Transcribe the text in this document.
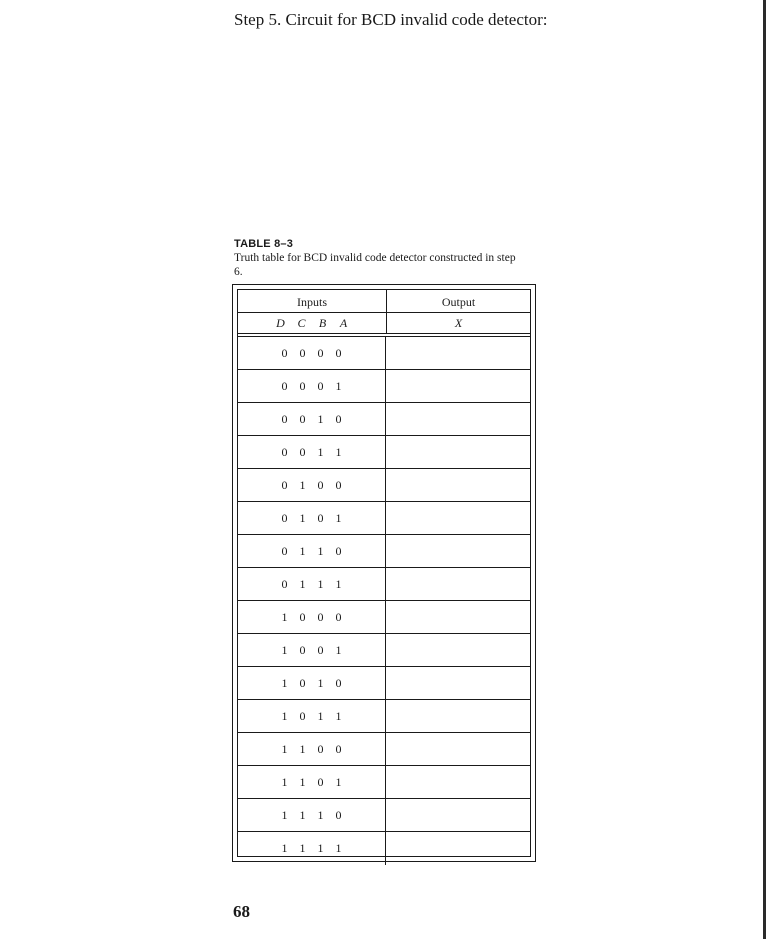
Step 5. Circuit for BCD invalid code detector:
TABLE 8–3
Truth table for BCD invalid code detector constructed in step 6.
Inputs	Output
D C B A	X
0	0	0	0
0	0	0	1
0	0	1	0
0	0	1	1
0	1	0	0
0	1	0	1
0	1	1	0
0	1	1	1
1	0	0	0
1	0	0	1
1	0	1	0
1	0	1	1
1	1	0	0
1	1	0	1
1	1	1	0
1	1	1	1
68
